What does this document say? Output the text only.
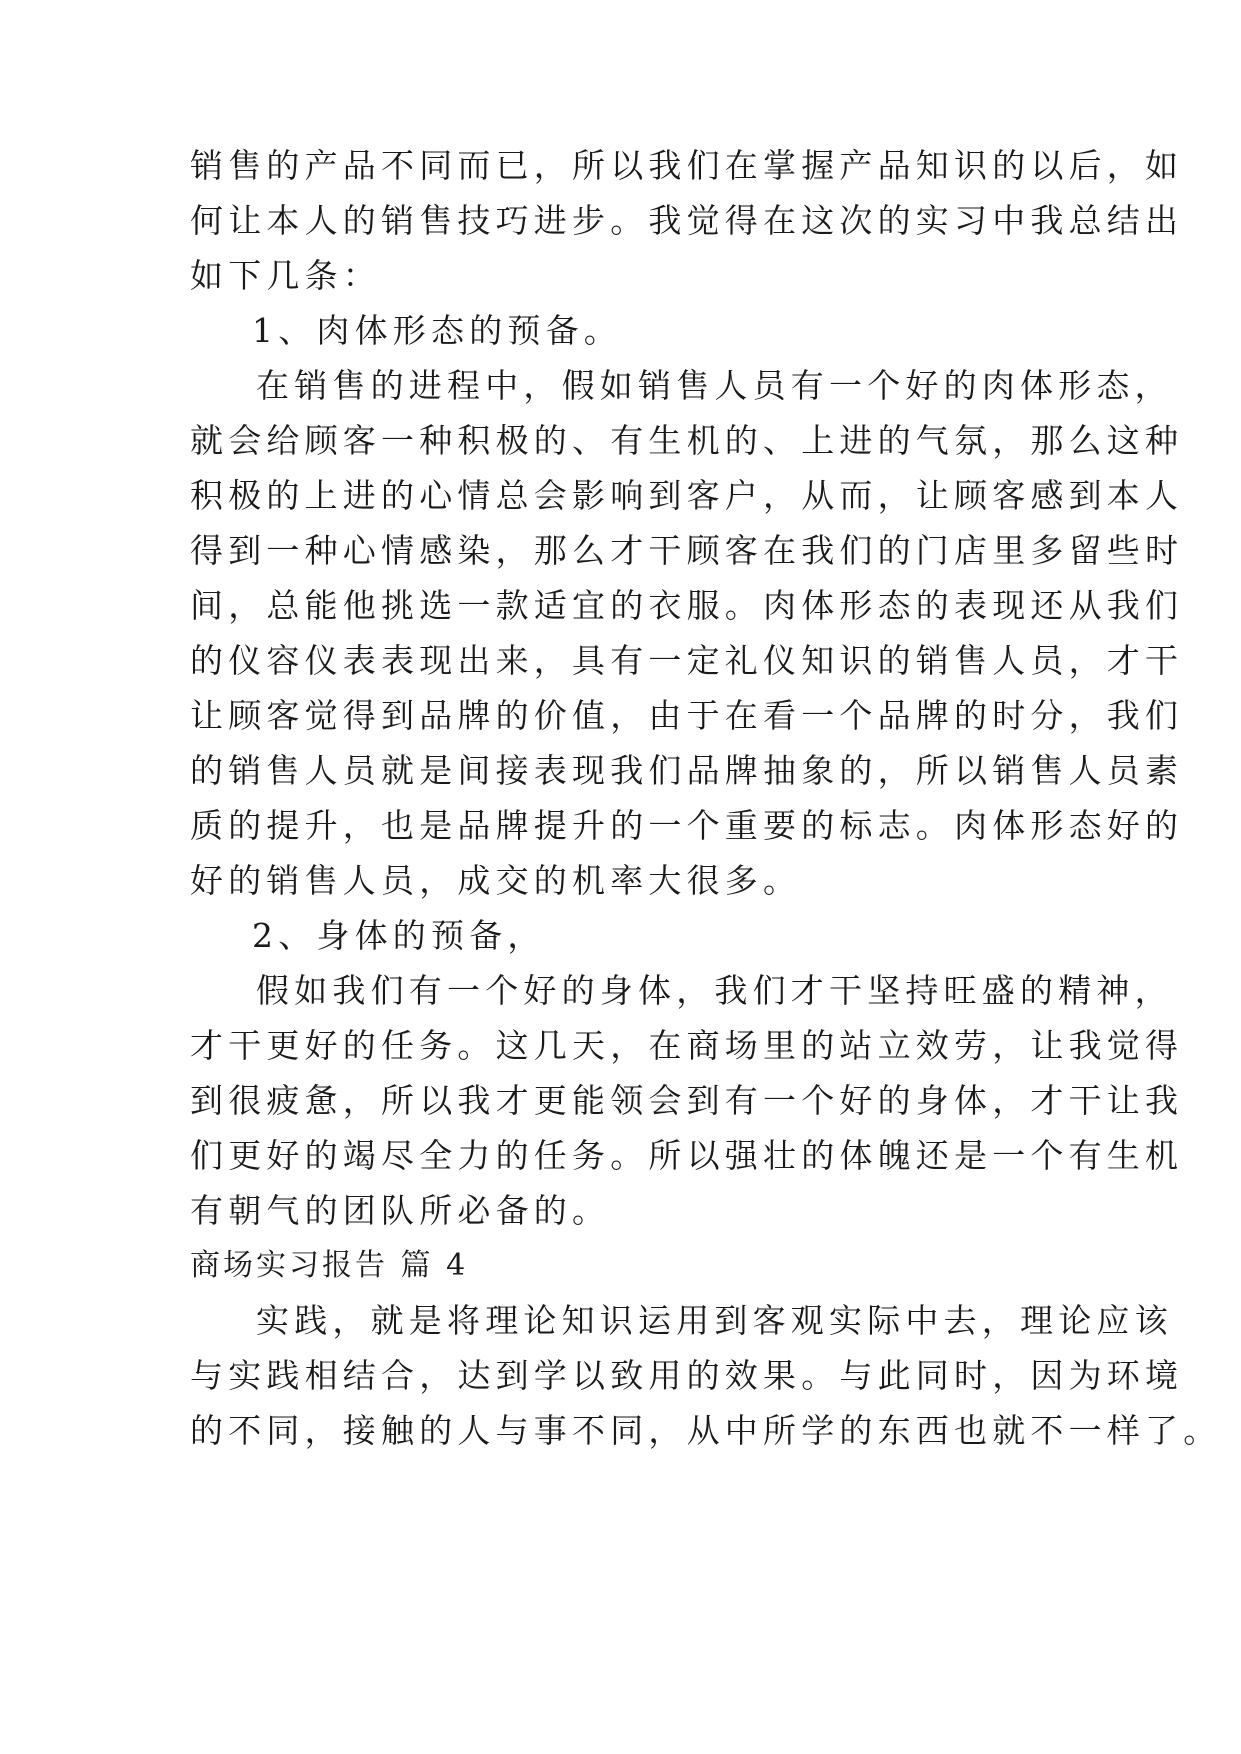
销售的产品不同而已，所以我们在掌握产品知识的以后，如

何让本人的销售技巧进步。我觉得在这次的实习中我总结出

如下几条：

1、肉体形态的预备。

在销售的进程中，假如销售人员有一个好的肉体形态，

就会给顾客一种积极的、有生机的、上进的气氛，那么这种

积极的上进的心情总会影响到客户，从而，让顾客感到本人

得到一种心情感染，那么才干顾客在我们的门店里多留些时

间，总能他挑选一款适宜的衣服。肉体形态的表现还从我们

的仪容仪表表现出来，具有一定礼仪知识的销售人员，才干

让顾客觉得到品牌的价值，由于在看一个品牌的时分，我们

的销售人员就是间接表现我们品牌抽象的，所以销售人员素

质的提升，也是品牌提升的一个重要的标志。肉体形态好的

好的销售人员，成交的机率大很多。

2、身体的预备，

假如我们有一个好的身体，我们才干坚持旺盛的精神，

才干更好的任务。这几天，在商场里的站立效劳，让我觉得

到很疲惫，所以我才更能领会到有一个好的身体，才干让我

们更好的竭尽全力的任务。所以强壮的体魄还是一个有生机

有朝气的团队所必备的。

商场实习报告 篇 4

实践，就是将理论知识运用到客观实际中去，理论应该

与实践相结合，达到学以致用的效果。与此同时，因为环境

的不同，接触的人与事不同，从中所学的东西也就不一样了。
